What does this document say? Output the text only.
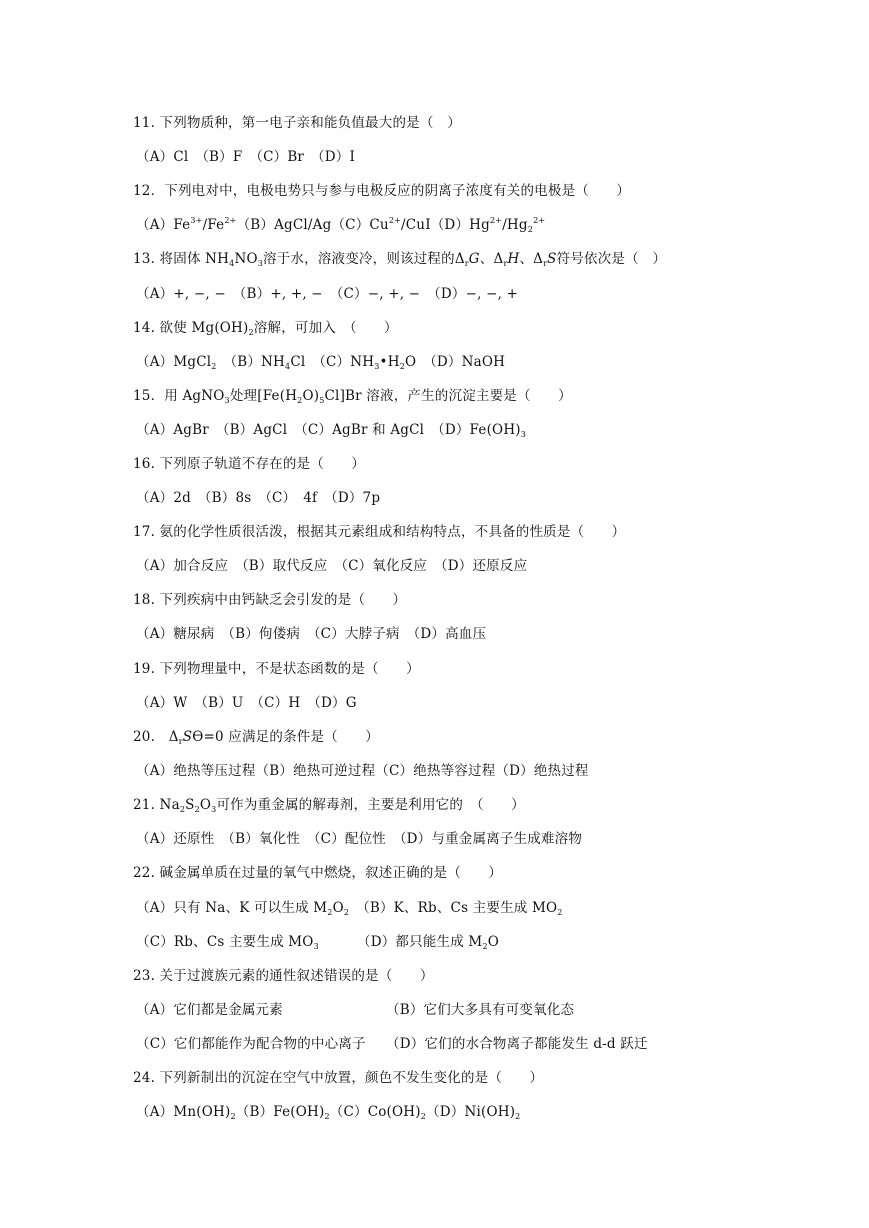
11. 下列物质种，第一电子亲和能负值最大的是（　）
（A）Cl　（B）F　（C）Br　（D）I
12．下列电对中，电极电势只与参与电极反应的阴离子浓度有关的电极是（　　）
$(A)Fe^{3+}/Fe^{2+}(B)AgCl/Ag(C)Cu^{2+}/CuI(D)Hg^{2+}/Hg_2^{2+}$
13. 将固体 $NH_4NO_3$溶于水，溶液变冷，则该过程的$\Delta_rG$、$\Delta_rH$、$\Delta_rS$符号依次是（　）
（A）+, −, −　（B）+, +, −　（C）−, +, −　（D）−, −, +
14. 欲使 $Mg(OH)_2$溶解，可加入　（　　）
（A）MgCl$_2$　 $(B)NH_4Cl$　$(C)NH_3•H_2O$　（D）NaOH
15．用 AgNO$_3$处理$[Fe(H_2O)_5Cl]Br$ 溶液，产生的沉淀主要是（　　）
（A）AgBr　（B）AgCl　（C）AgBr 和 AgCl　$(D)Fe(OH)_3$
16. 下列原子轨道不存在的是（　　）
（A）2d　（B）8s　（C）　4f　（D）7p
17. 氨的化学性质很活泼，根据其元素组成和结构特点，不具备的性质是（　　）
（A）加合反应　（B）取代反应　（C）氧化反应　（D）还原反应
18. 下列疾病中由钙缺乏会引发的是（　　）
（A）糖尿病　（B）佝偻病　（C）大脖子病　（D）高血压
19. 下列物理量中，不是状态函数的是（　　）
（A）W　（B）U　（C）H　（D）G
20.　$\Delta_rSϴ=0$ 应满足的条件是（　　）
（A）绝热等压过程（B）绝热可逆过程（C）绝热等容过程（D）绝热过程
21. $Na_2S_2O_3$可作为重金属的解毒剂，主要是利用它的　（　　）
（A）还原性　（B）氧化性　（C）配位性　（D）与重金属离子生成难溶物
22. 碱金属单质在过量的氧气中燃烧，叙述正确的是（　　）
（A）只有 Na、K 可以生成 $M_2O_2$　 （B）K、Rb、Cs 主要生成 $MO_2$
（C）Rb、Cs 主要生成 $MO_3$	（D）都只能生成 $M_2O$
23. 关于过渡族元素的通性叙述错误的是（　　）
（A）它们都是金属元素	（B）它们大多具有可变氧化态
（C）它们都能作为配合物的中心离子 （D）它们的水合物离子都能发生 d-d 跃迁
24. 下列新制出的沉淀在空气中放置，颜色不发生变化的是（　　）
$(A)Mn(OH)_2(B)Fe(OH)_2(C)Co(OH)_2(D)Ni(OH)_2$
